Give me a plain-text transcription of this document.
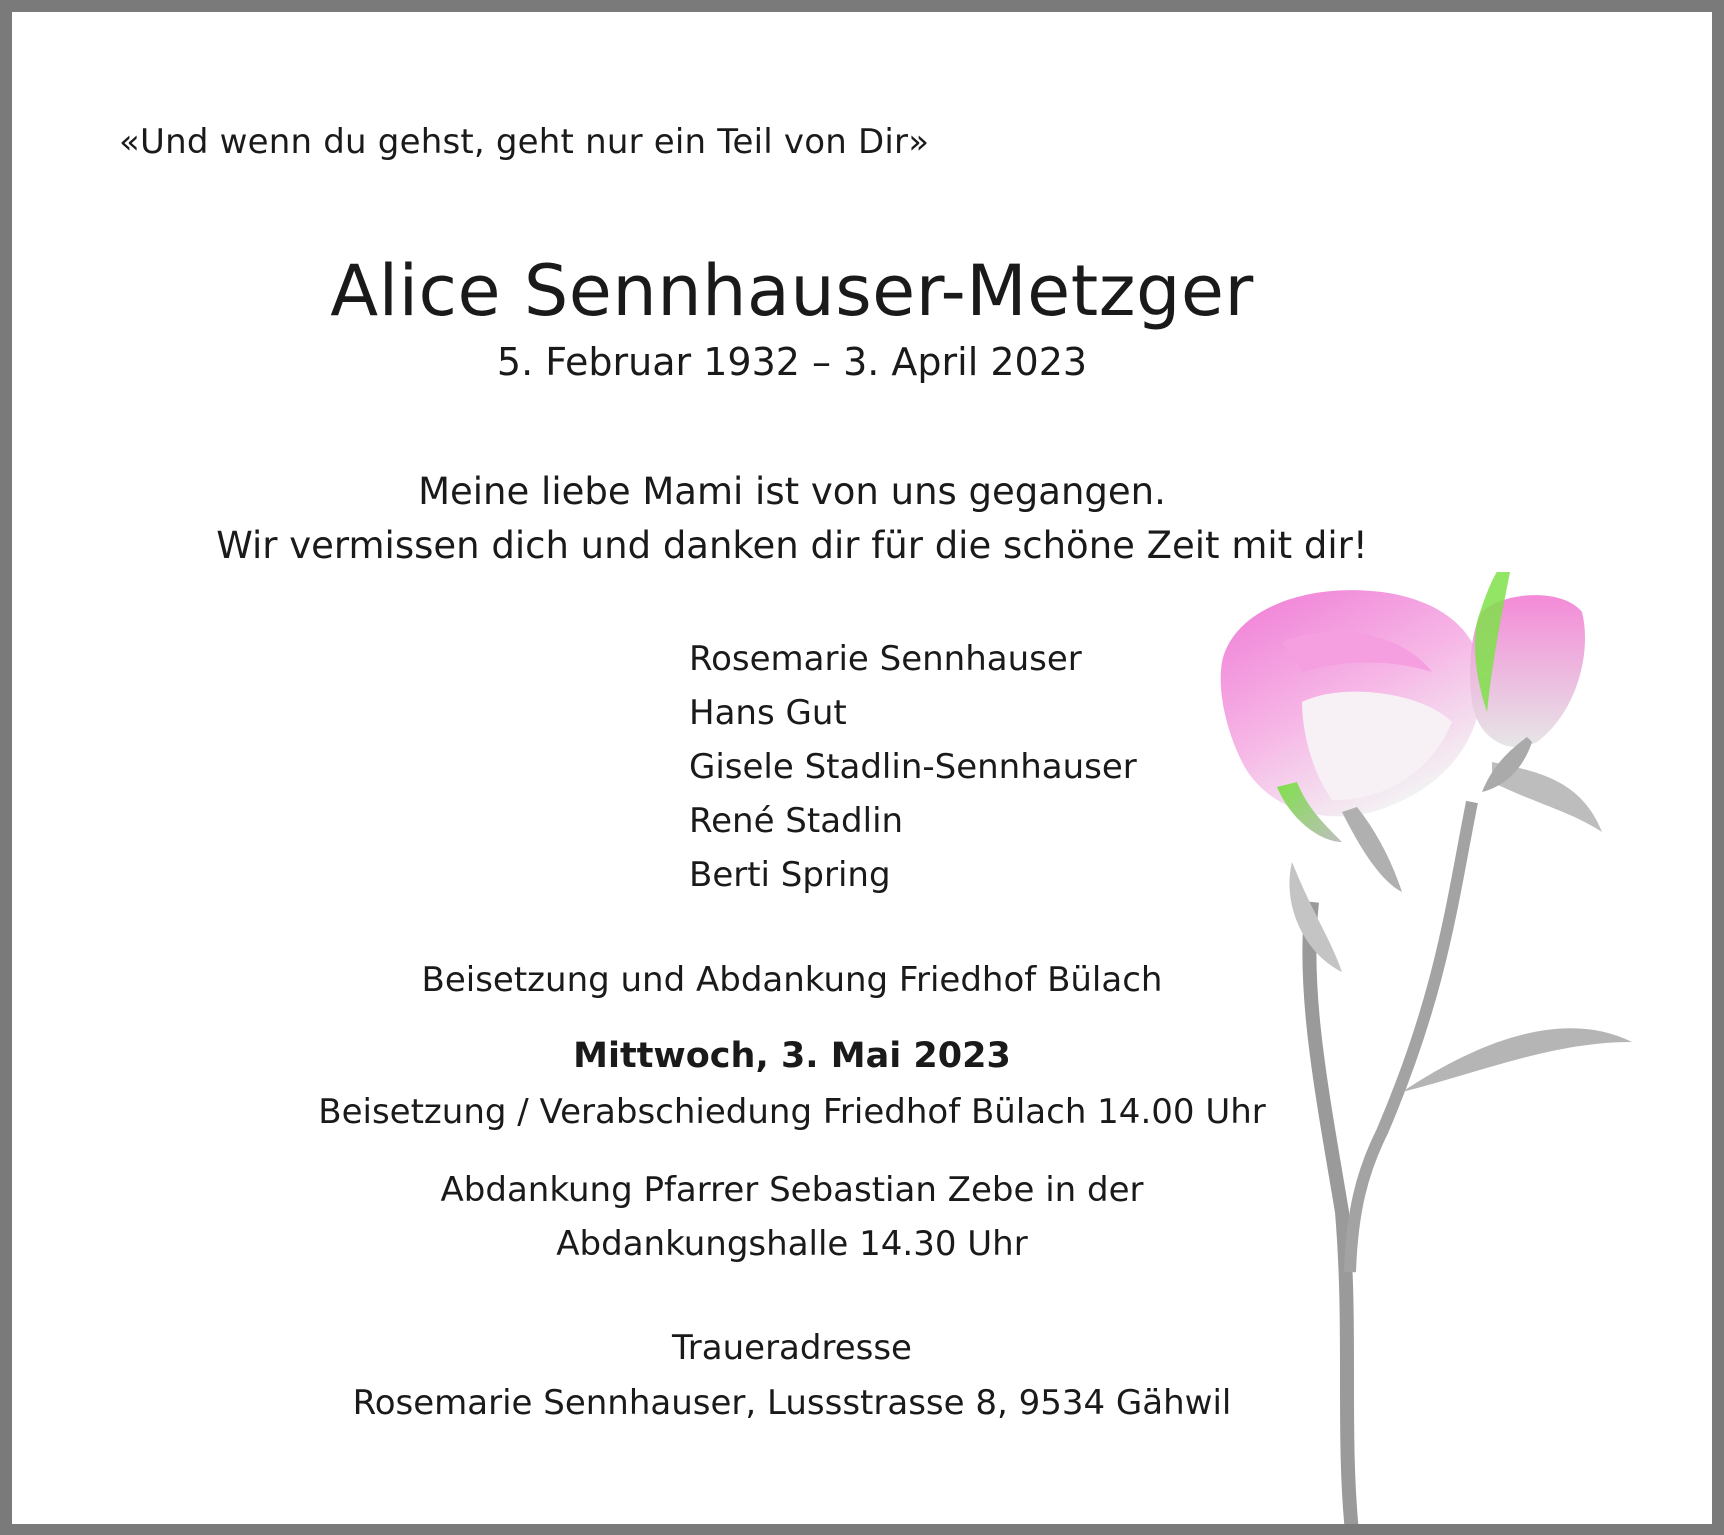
«Und wenn du gehst, geht nur ein Teil von Dir»
Alice Sennhauser-Metzger
5. Februar 1932 – 3. April 2023
Meine liebe Mami ist von uns gegangen.
Wir vermissen dich und danken dir für die schöne Zeit mit dir!
Rosemarie Sennhauser
Hans Gut
Gisele Stadlin-Sennhauser
René Stadlin
Berti Spring
Beisetzung und Abdankung Friedhof Bülach
Mittwoch, 3. Mai 2023
Beisetzung / Verabschiedung Friedhof Bülach 14.00 Uhr
Abdankung Pfarrer Sebastian Zebe in der
Abdankungshalle 14.30 Uhr
Traueradresse
Rosemarie Sennhauser, Lussstrasse 8, 9534 Gähwil
